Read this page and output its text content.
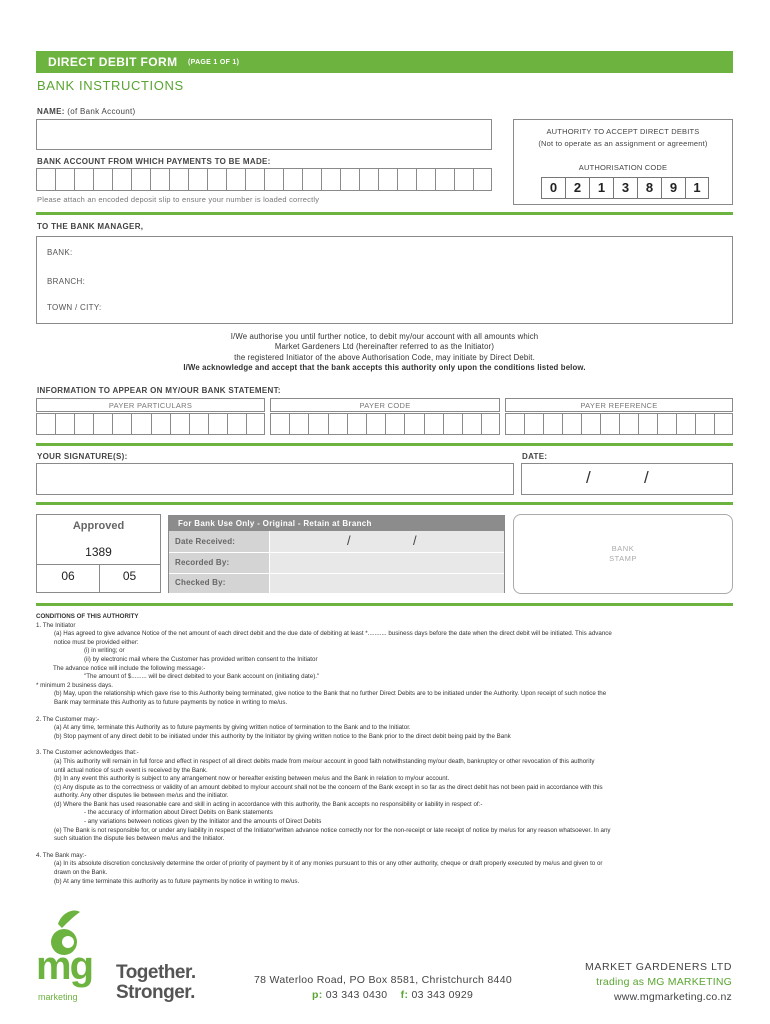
DIRECT DEBIT FORM (PAGE 1 OF 1)
BANK INSTRUCTIONS
NAME: (of Bank Account)
BANK ACCOUNT FROM WHICH PAYMENTS TO BE MADE:
Please attach an encoded deposit slip to ensure your number is loaded correctly
AUTHORITY TO ACCEPT DIRECT DEBITS
(Not to operate as an assignment or agreement)
AUTHORISATION CODE
0	2	1	3	8	9	1
TO THE BANK MANAGER,
BANK:
BRANCH:
TOWN / CITY:
I/We authorise you until further notice, to debit my/our account with all amounts which
Market Gardeners Ltd (hereinafter referred to as the Initiator)
the registered Initiator of the above Authorisation Code, may initiate by Direct Debit.
I/We acknowledge and accept that the bank accepts this authority only upon the conditions listed below.
INFORMATION TO APPEAR ON MY/OUR BANK STATEMENT:
PAYER PARTICULARS	PAYER CODE	PAYER REFERENCE
YOUR SIGNATURE(S):	DATE:
/	/
Approved
1389
06	05
For Bank Use Only - Original - Retain at Branch
Date Received:
Recorded By:
Checked By:
/	/
BANK
STAMP

CONDITIONS OF THIS AUTHORITY

1. The Initiator

(a) Has agreed to give advance Notice of the net amount of each direct debit and the due date of debiting at least *........... business days before the date when the direct debit will be initiated. This advance

notice must be provided either:

(i) in writing; or

(ii) by electronic mail where the Customer has provided written consent to the Initiator

The advance notice will include the following message:-

"The amount of $......... will be direct debited to your Bank account on (initiating date)."

* minimum 2 business days.

(b) May, upon the relationship which gave rise to this Authority being terminated, give notice to the Bank that no further Direct Debits are to be initiated under the Authority. Upon receipt of such notice the

Bank may terminate this Authority as to future payments by notice in writing to me/us.

2. The Customer may:-

(a) At any time, terminate this Authority as to future payments by giving written notice of termination to the Bank and to the Initiator.

(b) Stop payment of any direct debit to be initiated under this authority by the Initiator by giving written notice to the Bank prior to the direct debit being paid by the Bank

3. The Customer acknowledges that:-

(a) This authority will remain in full force and effect in respect of all direct debits made from me/our account in good faith notwithstanding my/our death, bankruptcy or other revocation of this authority

until actual notice of such event is received by the Bank.

(b) In any event this authority is subject to any arrangement now or hereafter existing between me/us and the Bank in relation to my/our account.

(c) Any dispute as to the correctness or validity of an amount debited to my/our account shall not be the concern of the Bank except in so far as the direct debit has not been paid in accordance with this

authority. Any other disputes lie between me/us and the initiator.

(d) Where the Bank has used reasonable care and skill in acting in accordance with this authority, the Bank accepts no responsibility or liability in respect of:-

- the accuracy of information about Direct Debits on Bank statements

- any variations between notices given by the Initiator and the amounts of Direct Debits

(e) The Bank is not responsible for, or under any liability in respect of the Initiator'written advance notice correctly nor for the non-receipt or late receipt of notice by me/us for any reason whatsoever. In any

such situation the dispute lies between me/us and the Initiator.

4. The Bank may:-

(a) In its absolute discretion conclusively determine the order of priority of payment by it of any monies pursuant to this or any other authority, cheque or draft properly executed by me/us and given to or

drawn on the Bank.

(b) At any time terminate this authority as to future payments by notice in writing to me/us.

mg
marketing
Together.
Stronger.
78 Waterloo Road, PO Box 8581, Christchurch 8440
p: 03 343 0430 f: 03 343 0929
MARKET GARDENERS LTD
trading as MG MARKETING
www.mgmarketing.co.nz
